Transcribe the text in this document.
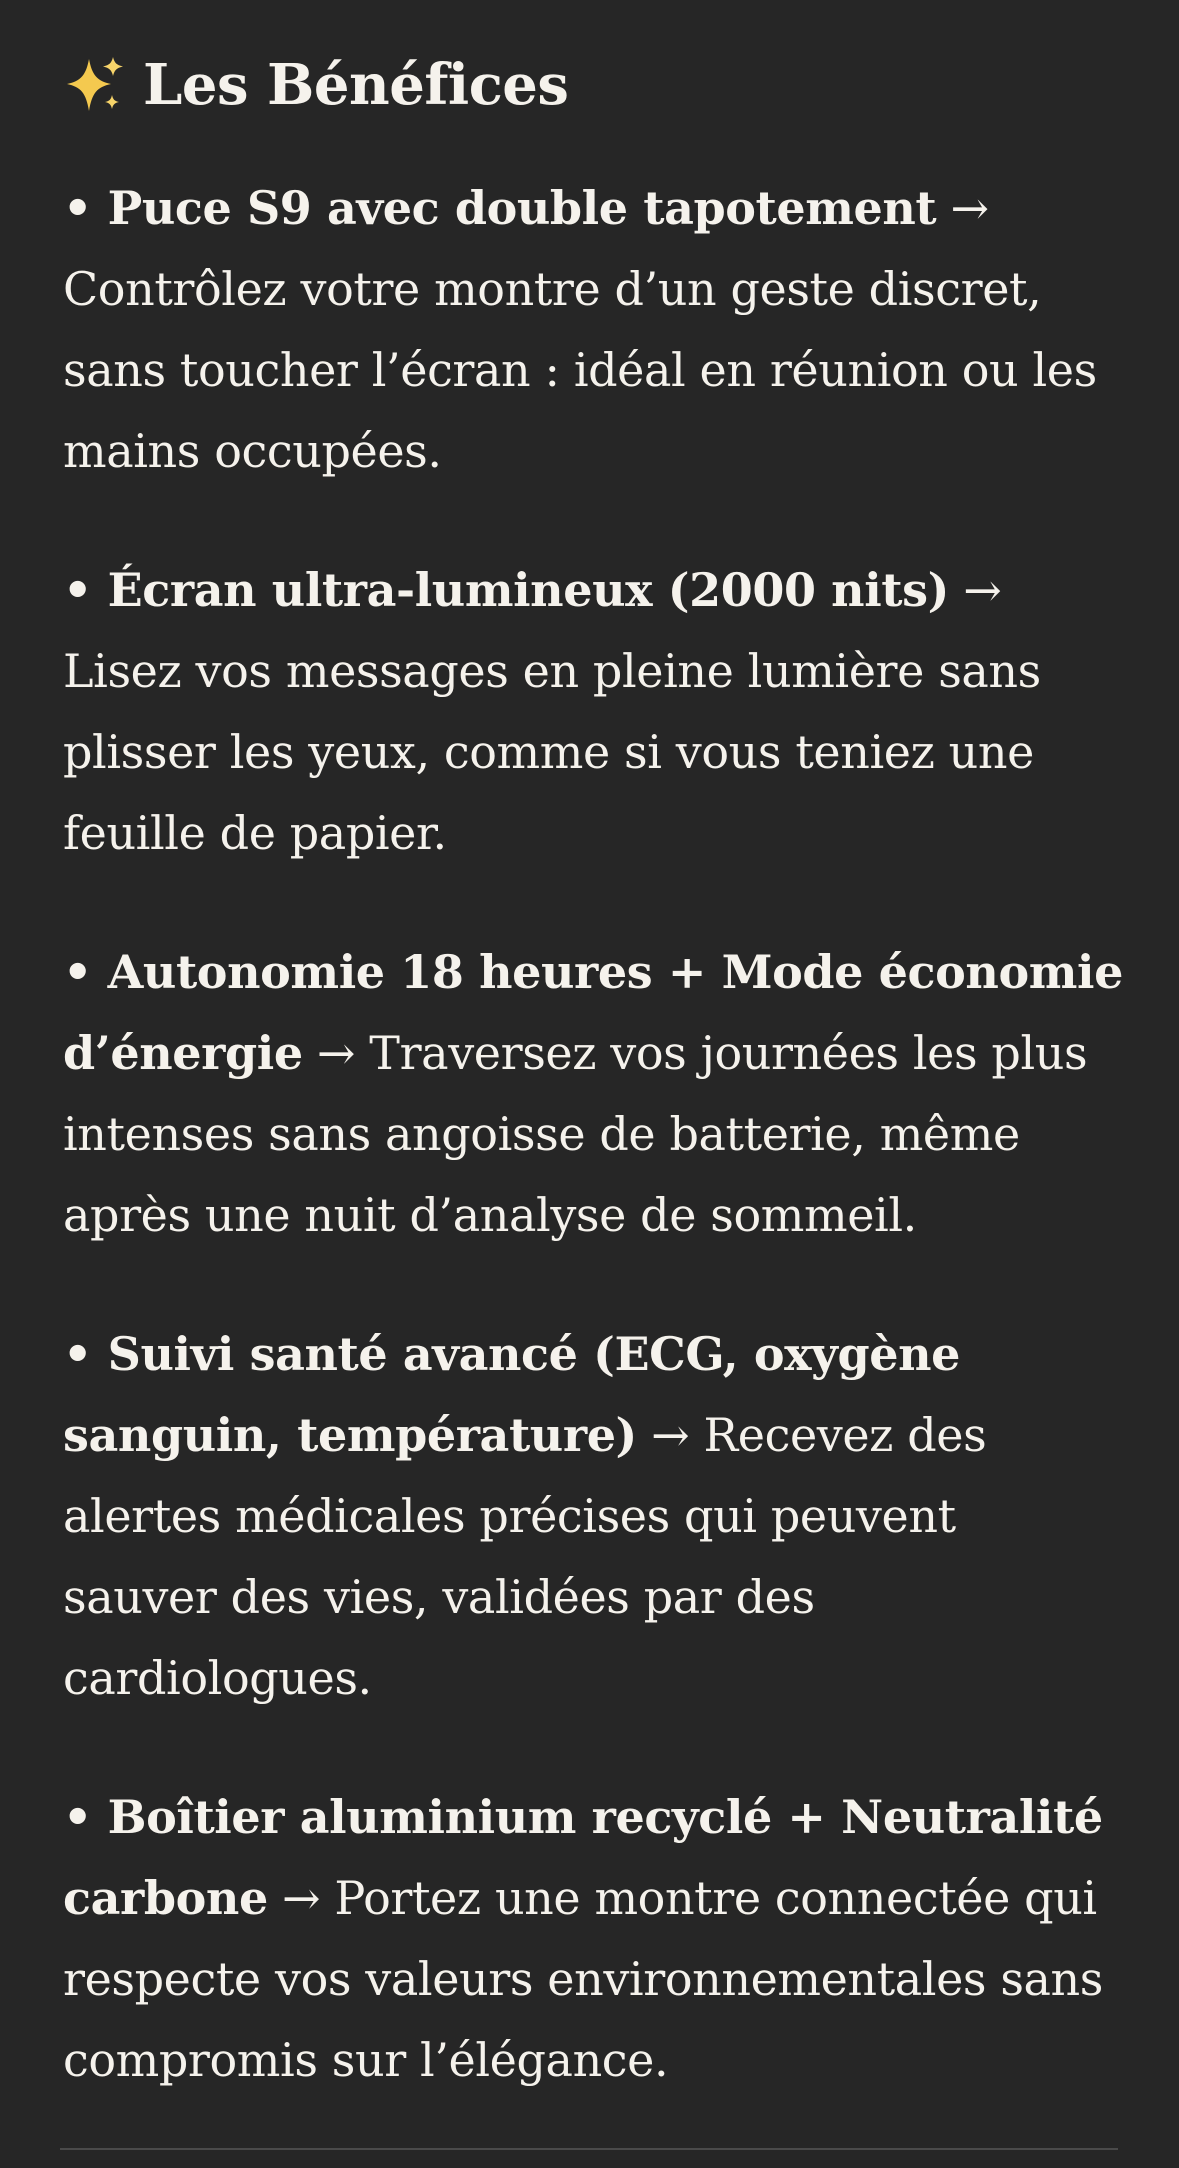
Les Bénéfices

• Puce S9 avec double tapotement → Contrôlez votre montre d’un geste discret, sans toucher l’écran : idéal en réunion ou les mains occupées.

• Écran ultra-lumineux (2000 nits) → Lisez vos messages en pleine lumière sans plisser les yeux, comme si vous teniez une feuille de papier.

• Autonomie 18 heures + Mode économie d’énergie → Traversez vos journées les plus intenses sans angoisse de batterie, même après une nuit d’analyse de sommeil.

• Suivi santé avancé (ECG, oxygène sanguin, température) → Recevez des alertes médicales précises qui peuvent sauver des vies, validées par des cardiologues.

• Boîtier aluminium recyclé + Neutralité carbone → Portez une montre connectée qui respecte vos valeurs environnementales sans compromis sur l’élégance.
